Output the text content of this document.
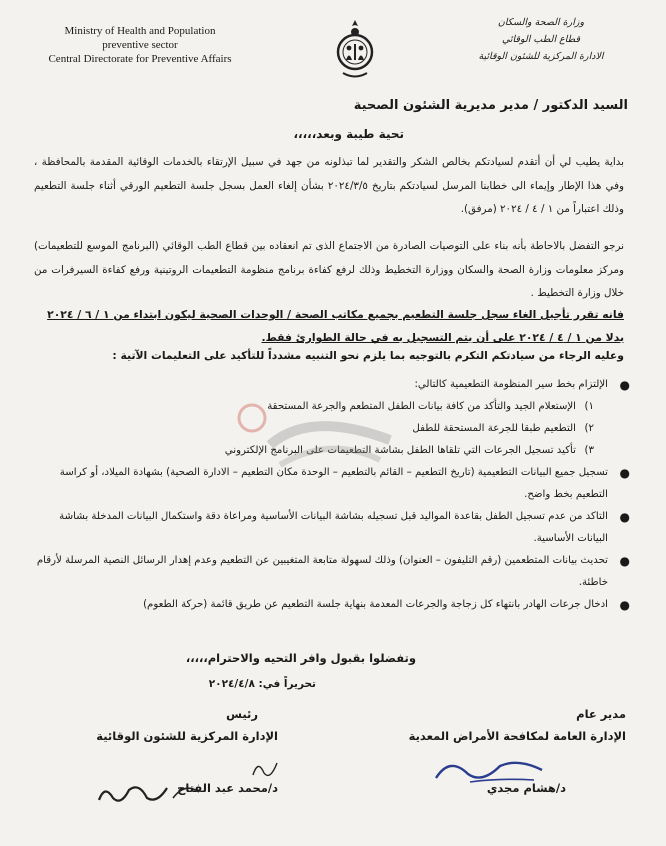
Ministry of Health and Population
preventive sector
Central Directorate for Preventive Affairs
وزارة الصحة والسكان
قطاع الطب الوقائي
الادارة المركزية للشئون الوقائية
السيد الدكتور / مدير مديرية الشئون الصحية
تحية طيبة وبعد،،،،،
بداية يطيب لي أن أتقدم لسيادتكم بخالص الشكر والتقدير لما تبذلونه من جهد في سبيل الإرتقاء بالخدمات الوقائية المقدمة بالمحافظة ، وفي هذا الإطار وإيماء الى خطابنا المرسل لسيادتكم بتاريخ ٢٠٢٤/٣/٥ بشأن إلغاء العمل بسجل جلسة التطعيم الورقي أثناء جلسة التطعيم وذلك اعتباراً من ١ / ٤ / ٢٠٢٤ (مرفق).
نرجو التفضل بالاحاطة بأنه بناء على التوصيات الصادرة من الاجتماع الذى تم انعقاده بين قطاع الطب الوقائي (البرنامج الموسع للتطعيمات) ومركز معلومات وزارة الصحة والسكان ووزارة التخطيط وذلك لرفع كفاءة برنامج منظومة التطعيمات الروتينية ورفع كفاءة السيرفرات من خلال وزارة التخطيط .
فانه تقرر تأجيل الغاء سجل جلسة التطعيم بجميع مكاتب الصحة / الوحدات الصحية ليكون ابتداء من ١ / ٦ / ٢٠٢٤
بدلا من ١ / ٤ / ٢٠٢٤ على أن يتم التسجيل به في حالة الطوارئ فقط.
وعليه الرجاء من سيادتكم التكرم بالتوجيه بما يلزم نحو التنبيه مشدداً للتأكيد على التعليمات الآتية :
●
الإلتزام بخط سير المنظومة التطعيمية كالتالي:
١)الإستعلام الجيد والتأكد من كافة بيانات الطفل المتطعم والجرعة المستحقة
٢)التطعيم طبقا للجرعة المستحقة للطفل
٣)تأكيد تسجيل الجرعات التي تلقاها الطفل بشاشة التطعيمات على البرنامج الإلكتروني
●
تسجيل جميع البيانات التطعيمية (تاريخ التطعيم – القائم بالتطعيم – الوحدة مكان التطعيم – الادارة الصحية) بشهادة الميلاد، أو كراسة التطعيم بخط واضح.
●
التاكد من عدم تسجيل الطفل بقاعدة المواليد قبل تسجيله بشاشة البيانات الأساسية ومراعاة دقة واستكمال البيانات المدخلة بشاشة البيانات الأساسية.
●
تحديث بيانات المتطعمين (رقم التليفون – العنوان) وذلك لسهولة متابعة المتغيبين عن التطعيم وعدم إهدار الرسائل النصية المرسلة لأرقام خاطئة.
●
ادخال جرعات الهادر بانتهاء كل زجاجة والجرعات المعدمة بنهاية جلسة التطعيم عن طريق قائمة (حركة الطعوم)
وتفضلوا بقبول وافر التحيه والاحترام،،،،،
تحريراً في: ٢٠٢٤/٤/٨
مدير عام
الإدارة العامة لمكافحة الأمراض المعدية
د/هشام مجدي
رئيس
الإدارة المركزية للشئون الوقائية
د/محمد عبد الفتاح
